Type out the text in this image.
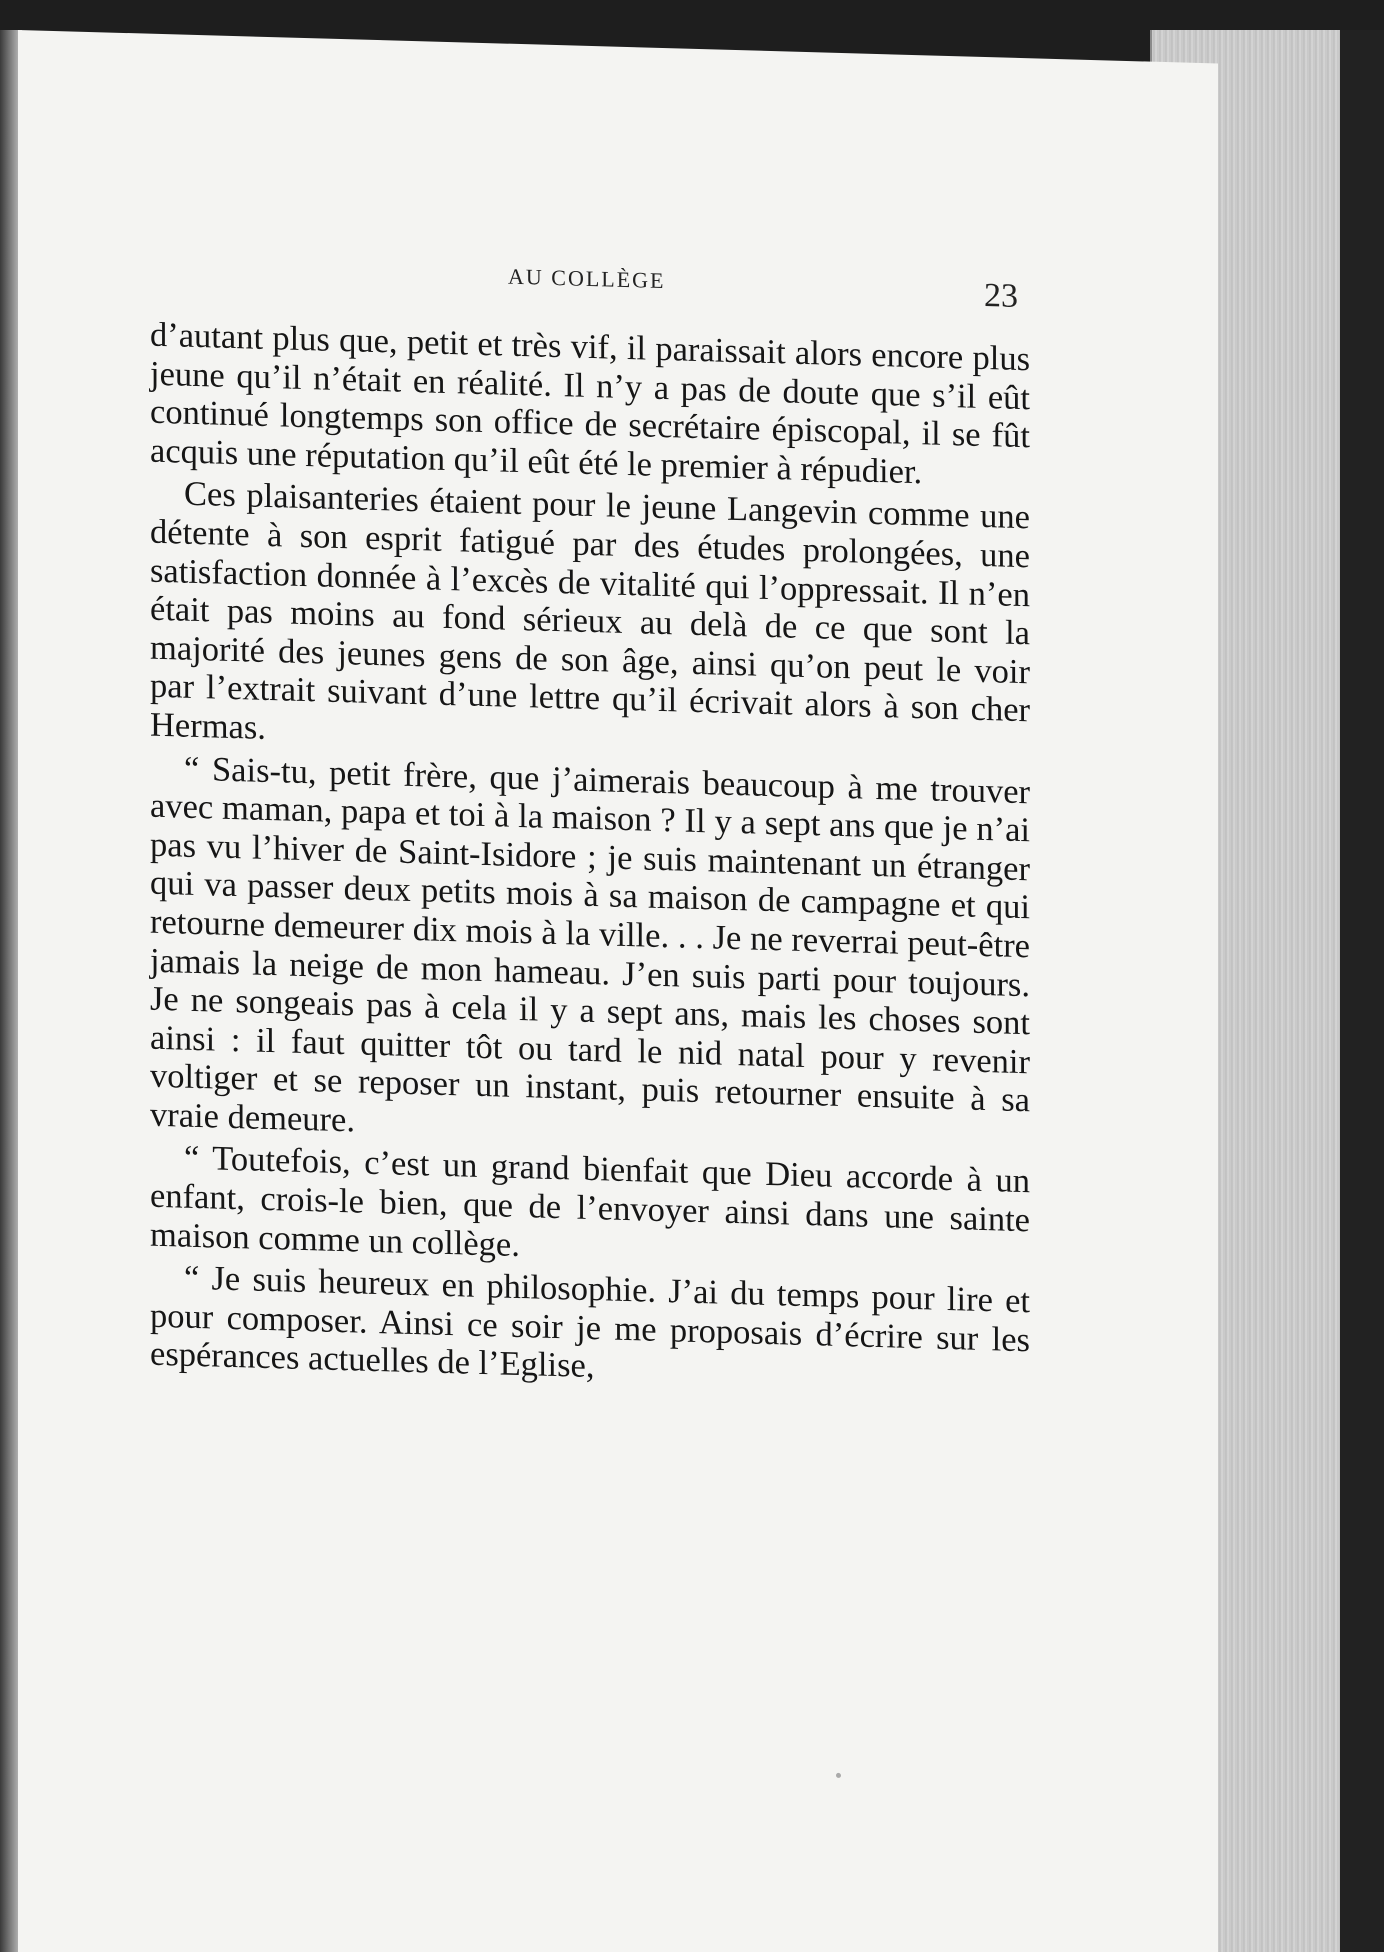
AU COLLÈGE	23

d’autant plus que, petit et très vif, il paraissait alors encore plus jeune qu’il n’était en réalité. Il n’y a pas de doute que s’il eût continué longtemps son office de secrétaire épiscopal, il se fût acquis une réputation qu’il eût été le premier à répudier.

Ces plaisanteries étaient pour le jeune Langevin comme une détente à son esprit fatigué par des études prolongées, une satisfaction donnée à l’excès de vitalité qui l’oppressait. Il n’en était pas moins au fond sérieux au delà de ce que sont la majorité des jeunes gens de son âge, ainsi qu’on peut le voir par l’extrait suivant d’une lettre qu’il écrivait alors à son cher Hermas.

“ Sais-tu, petit frère, que j’aimerais beaucoup à me trouver avec maman, papa et toi à la maison ? Il y a sept ans que je n’ai pas vu l’hiver de Saint-Isidore ; je suis maintenant un étranger qui va passer deux petits mois à sa maison de campagne et qui retourne demeurer dix mois à la ville. . . Je ne reverrai peut-être jamais la neige de mon hameau. J’en suis parti pour toujours. Je ne songeais pas à cela il y a sept ans, mais les choses sont ainsi : il faut quitter tôt ou tard le nid natal pour y revenir voltiger et se reposer un instant, puis retourner ensuite à sa vraie demeure.

“ Toutefois, c’est un grand bienfait que Dieu accorde à un enfant, crois-le bien, que de l’envoyer ainsi dans une sainte maison comme un collège.

“ Je suis heureux en philosophie. J’ai du temps pour lire et pour composer. Ainsi ce soir je me proposais d’écrire sur les espérances actuelles de l’Eglise,
